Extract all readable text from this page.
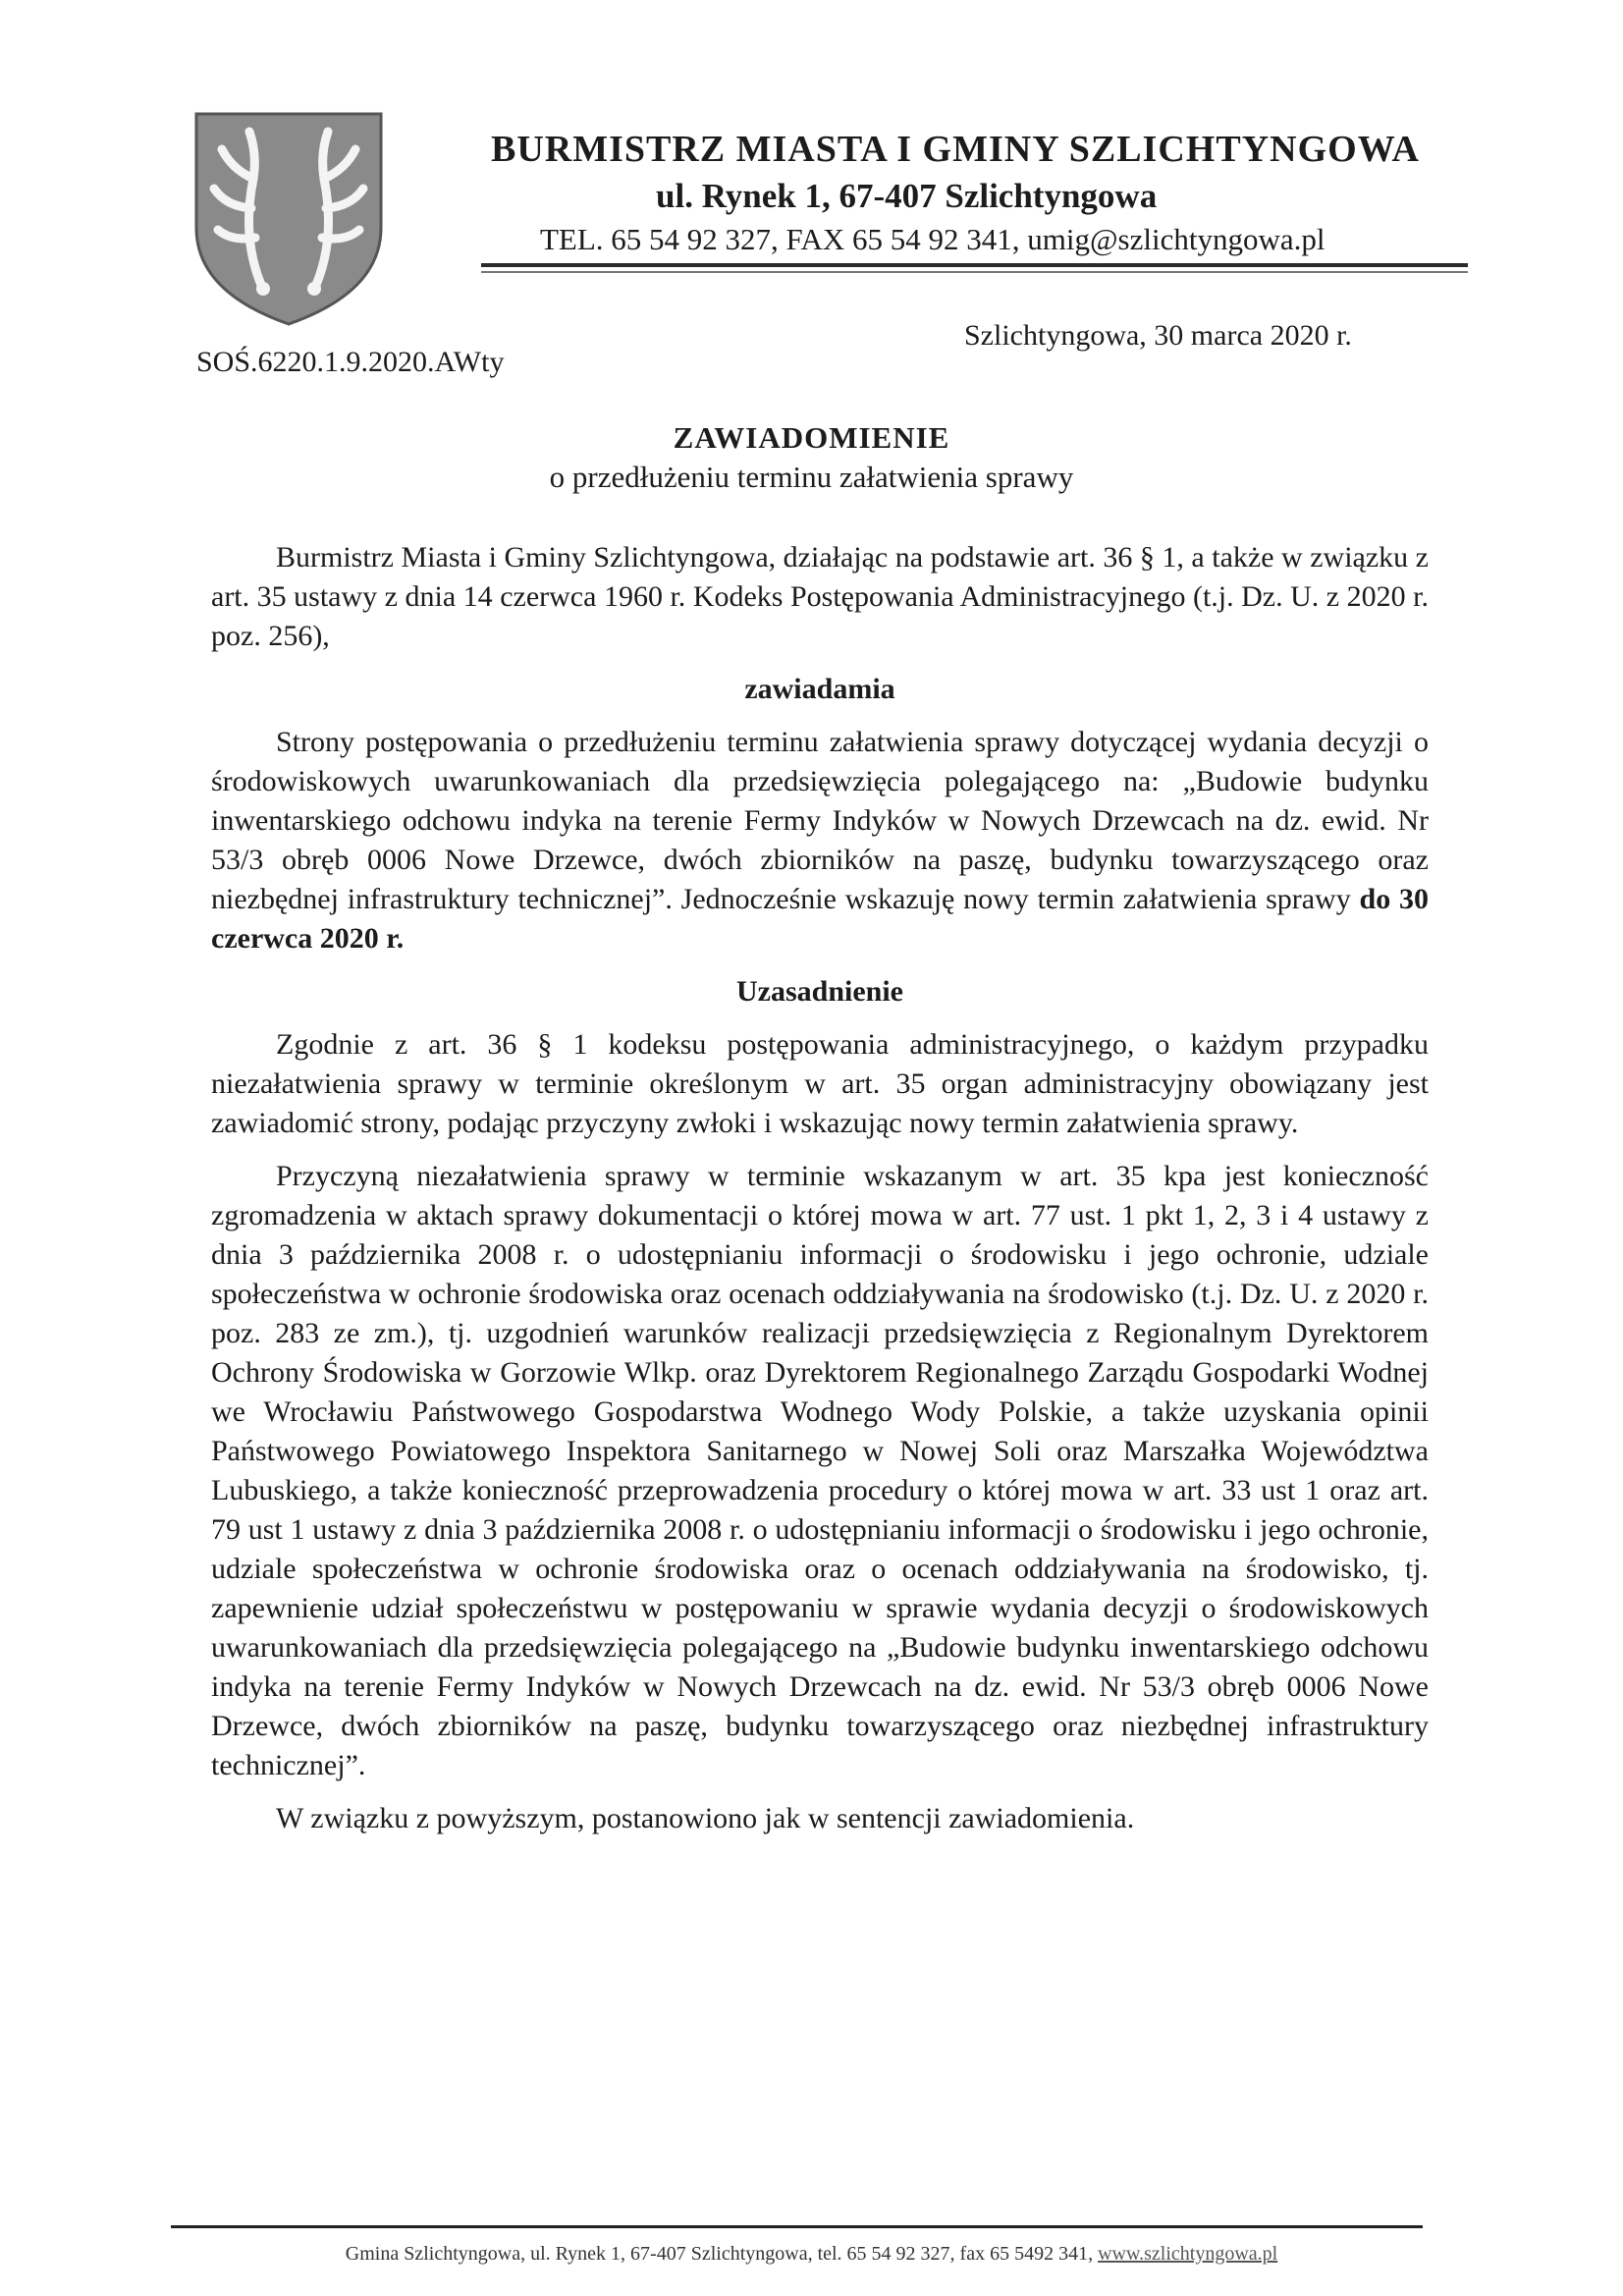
BURMISTRZ MIASTA I GMINY SZLICHTYNGOWA
ul. Rynek 1, 67-407 Szlichtyngowa
TEL. 65 54 92 327, FAX 65 54 92 341, umig@szlichtyngowa.pl
SOŚ.6220.1.9.2020.AWty
Szlichtyngowa, 30 marca 2020 r.
ZAWIADOMIENIE
o przedłużeniu terminu załatwienia sprawy

Burmistrz Miasta i Gminy Szlichtyngowa, działając na podstawie art. 36 § 1, a także w związku z art. 35 ustawy z dnia 14 czerwca 1960 r. Kodeks Postępowania Administracyjnego (t.j. Dz. U. z 2020 r. poz. 256),

zawiadamia

Strony postępowania o przedłużeniu terminu załatwienia sprawy dotyczącej wydania decyzji o środowiskowych uwarunkowaniach dla przedsięwzięcia polegającego na: „Budowie budynku inwentarskiego odchowu indyka na terenie Fermy Indyków w Nowych Drzewcach na dz. ewid. Nr 53/3 obręb 0006 Nowe Drzewce, dwóch zbiorników na paszę, budynku towarzyszącego oraz niezbędnej infrastruktury technicznej”. Jednocześnie wskazuję nowy termin załatwienia sprawy do 30 czerwca 2020 r.

Uzasadnienie

Zgodnie z art. 36 § 1 kodeksu postępowania administracyjnego, o każdym przypadku niezałatwienia sprawy w terminie określonym w art. 35 organ administracyjny obowiązany jest zawiadomić strony, podając przyczyny zwłoki i wskazując nowy termin załatwienia sprawy.

Przyczyną niezałatwienia sprawy w terminie wskazanym w art. 35 kpa jest konieczność zgromadzenia w aktach sprawy dokumentacji o której mowa w art. 77 ust. 1 pkt 1, 2, 3 i 4 ustawy z dnia 3 października 2008 r. o udostępnianiu informacji o środowisku i jego ochronie, udziale społeczeństwa w ochronie środowiska oraz ocenach oddziaływania na środowisko (t.j. Dz. U. z 2020 r. poz. 283 ze zm.), tj. uzgodnień warunków realizacji przedsięwzięcia z Regionalnym Dyrektorem Ochrony Środowiska w Gorzowie Wlkp. oraz Dyrektorem Regionalnego Zarządu Gospodarki Wodnej we Wrocławiu Państwowego Gospodarstwa Wodnego Wody Polskie, a także uzyskania opinii Państwowego Powiatowego Inspektora Sanitarnego w Nowej Soli oraz Marszałka Województwa Lubuskiego, a także konieczność przeprowadzenia procedury o której mowa w art. 33 ust 1 oraz art. 79 ust 1 ustawy z dnia 3 października 2008 r. o udostępnianiu informacji o środowisku i jego ochronie, udziale społeczeństwa w ochronie środowiska oraz o ocenach oddziaływania na środowisko, tj. zapewnienie udział społeczeństwu w postępowaniu w sprawie wydania decyzji o środowiskowych uwarunkowaniach dla przedsięwzięcia polegającego na „Budowie budynku inwentarskiego odchowu indyka na terenie Fermy Indyków w Nowych Drzewcach na dz. ewid. Nr 53/3 obręb 0006 Nowe Drzewce, dwóch zbiorników na paszę, budynku towarzyszącego oraz niezbędnej infrastruktury technicznej”.

W związku z powyższym, postanowiono jak w sentencji zawiadomienia.

Gmina Szlichtyngowa, ul. Rynek 1, 67-407 Szlichtyngowa, tel. 65 54 92 327, fax 65 5492 341, www.szlichtyngowa.pl
